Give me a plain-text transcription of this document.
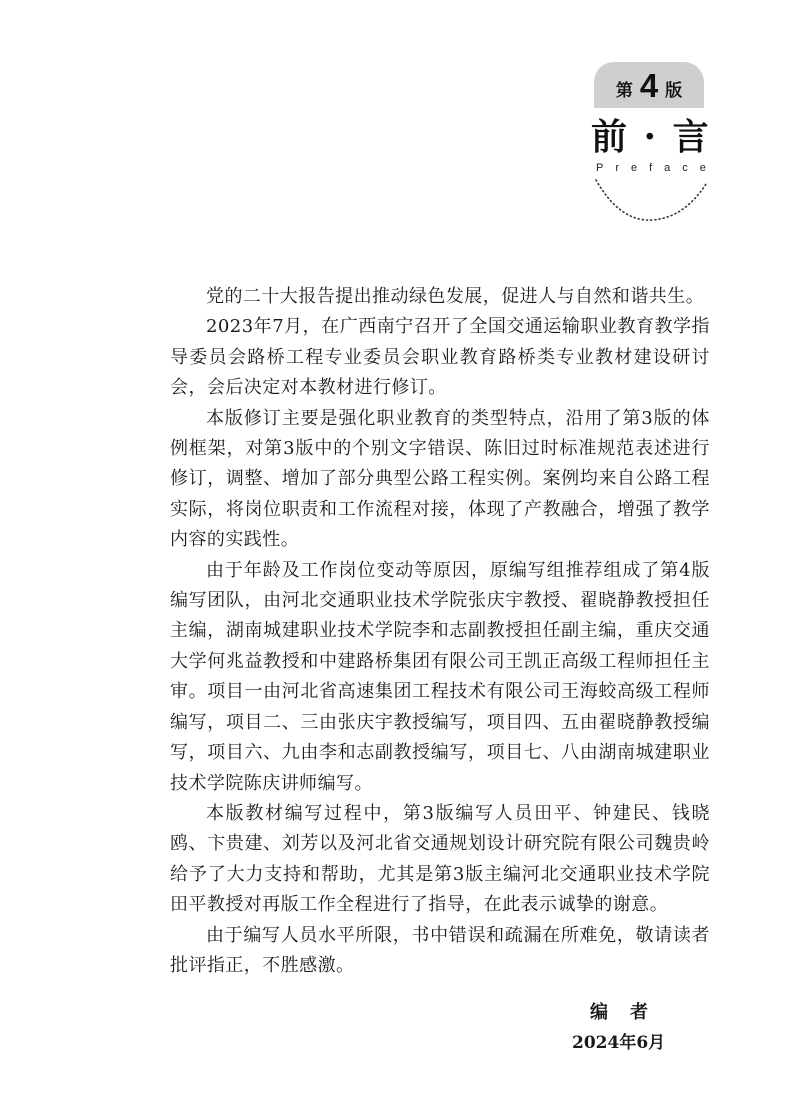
第 4 版
前 · 言
Preface

党的二十大报告提出推动绿色发展，促进人与自然和谐共生。

2023年7月，在广西南宁召开了全国交通运输职业教育教学指导委员会路桥工程专业委员会职业教育路桥类专业教材建设研讨会，会后决定对本教材进行修订。

本版修订主要是强化职业教育的类型特点，沿用了第3版的体例框架，对第3版中的个别文字错误、陈旧过时标准规范表述进行修订，调整、增加了部分典型公路工程实例。案例均来自公路工程实际，将岗位职责和工作流程对接，体现了产教融合，增强了教学内容的实践性。

由于年龄及工作岗位变动等原因，原编写组推荐组成了第4版编写团队，由河北交通职业技术学院张庆宇教授、翟晓静教授担任主编，湖南城建职业技术学院李和志副教授担任副主编，重庆交通大学何兆益教授和中建路桥集团有限公司王凯正高级工程师担任主审。项目一由河北省高速集团工程技术有限公司王海蛟高级工程师编写，项目二、三由张庆宇教授编写，项目四、五由翟晓静教授编写，项目六、九由李和志副教授编写，项目七、八由湖南城建职业技术学院陈庆讲师编写。

本版教材编写过程中，第3版编写人员田平、钟建民、钱晓鸥、卞贵建、刘芳以及河北省交通规划设计研究院有限公司魏贵岭给予了大力支持和帮助，尤其是第3版主编河北交通职业技术学院田平教授对再版工作全程进行了指导，在此表示诚挚的谢意。

由于编写人员水平所限，书中错误和疏漏在所难免，敬请读者批评指正，不胜感激。

编者
2024年6月
